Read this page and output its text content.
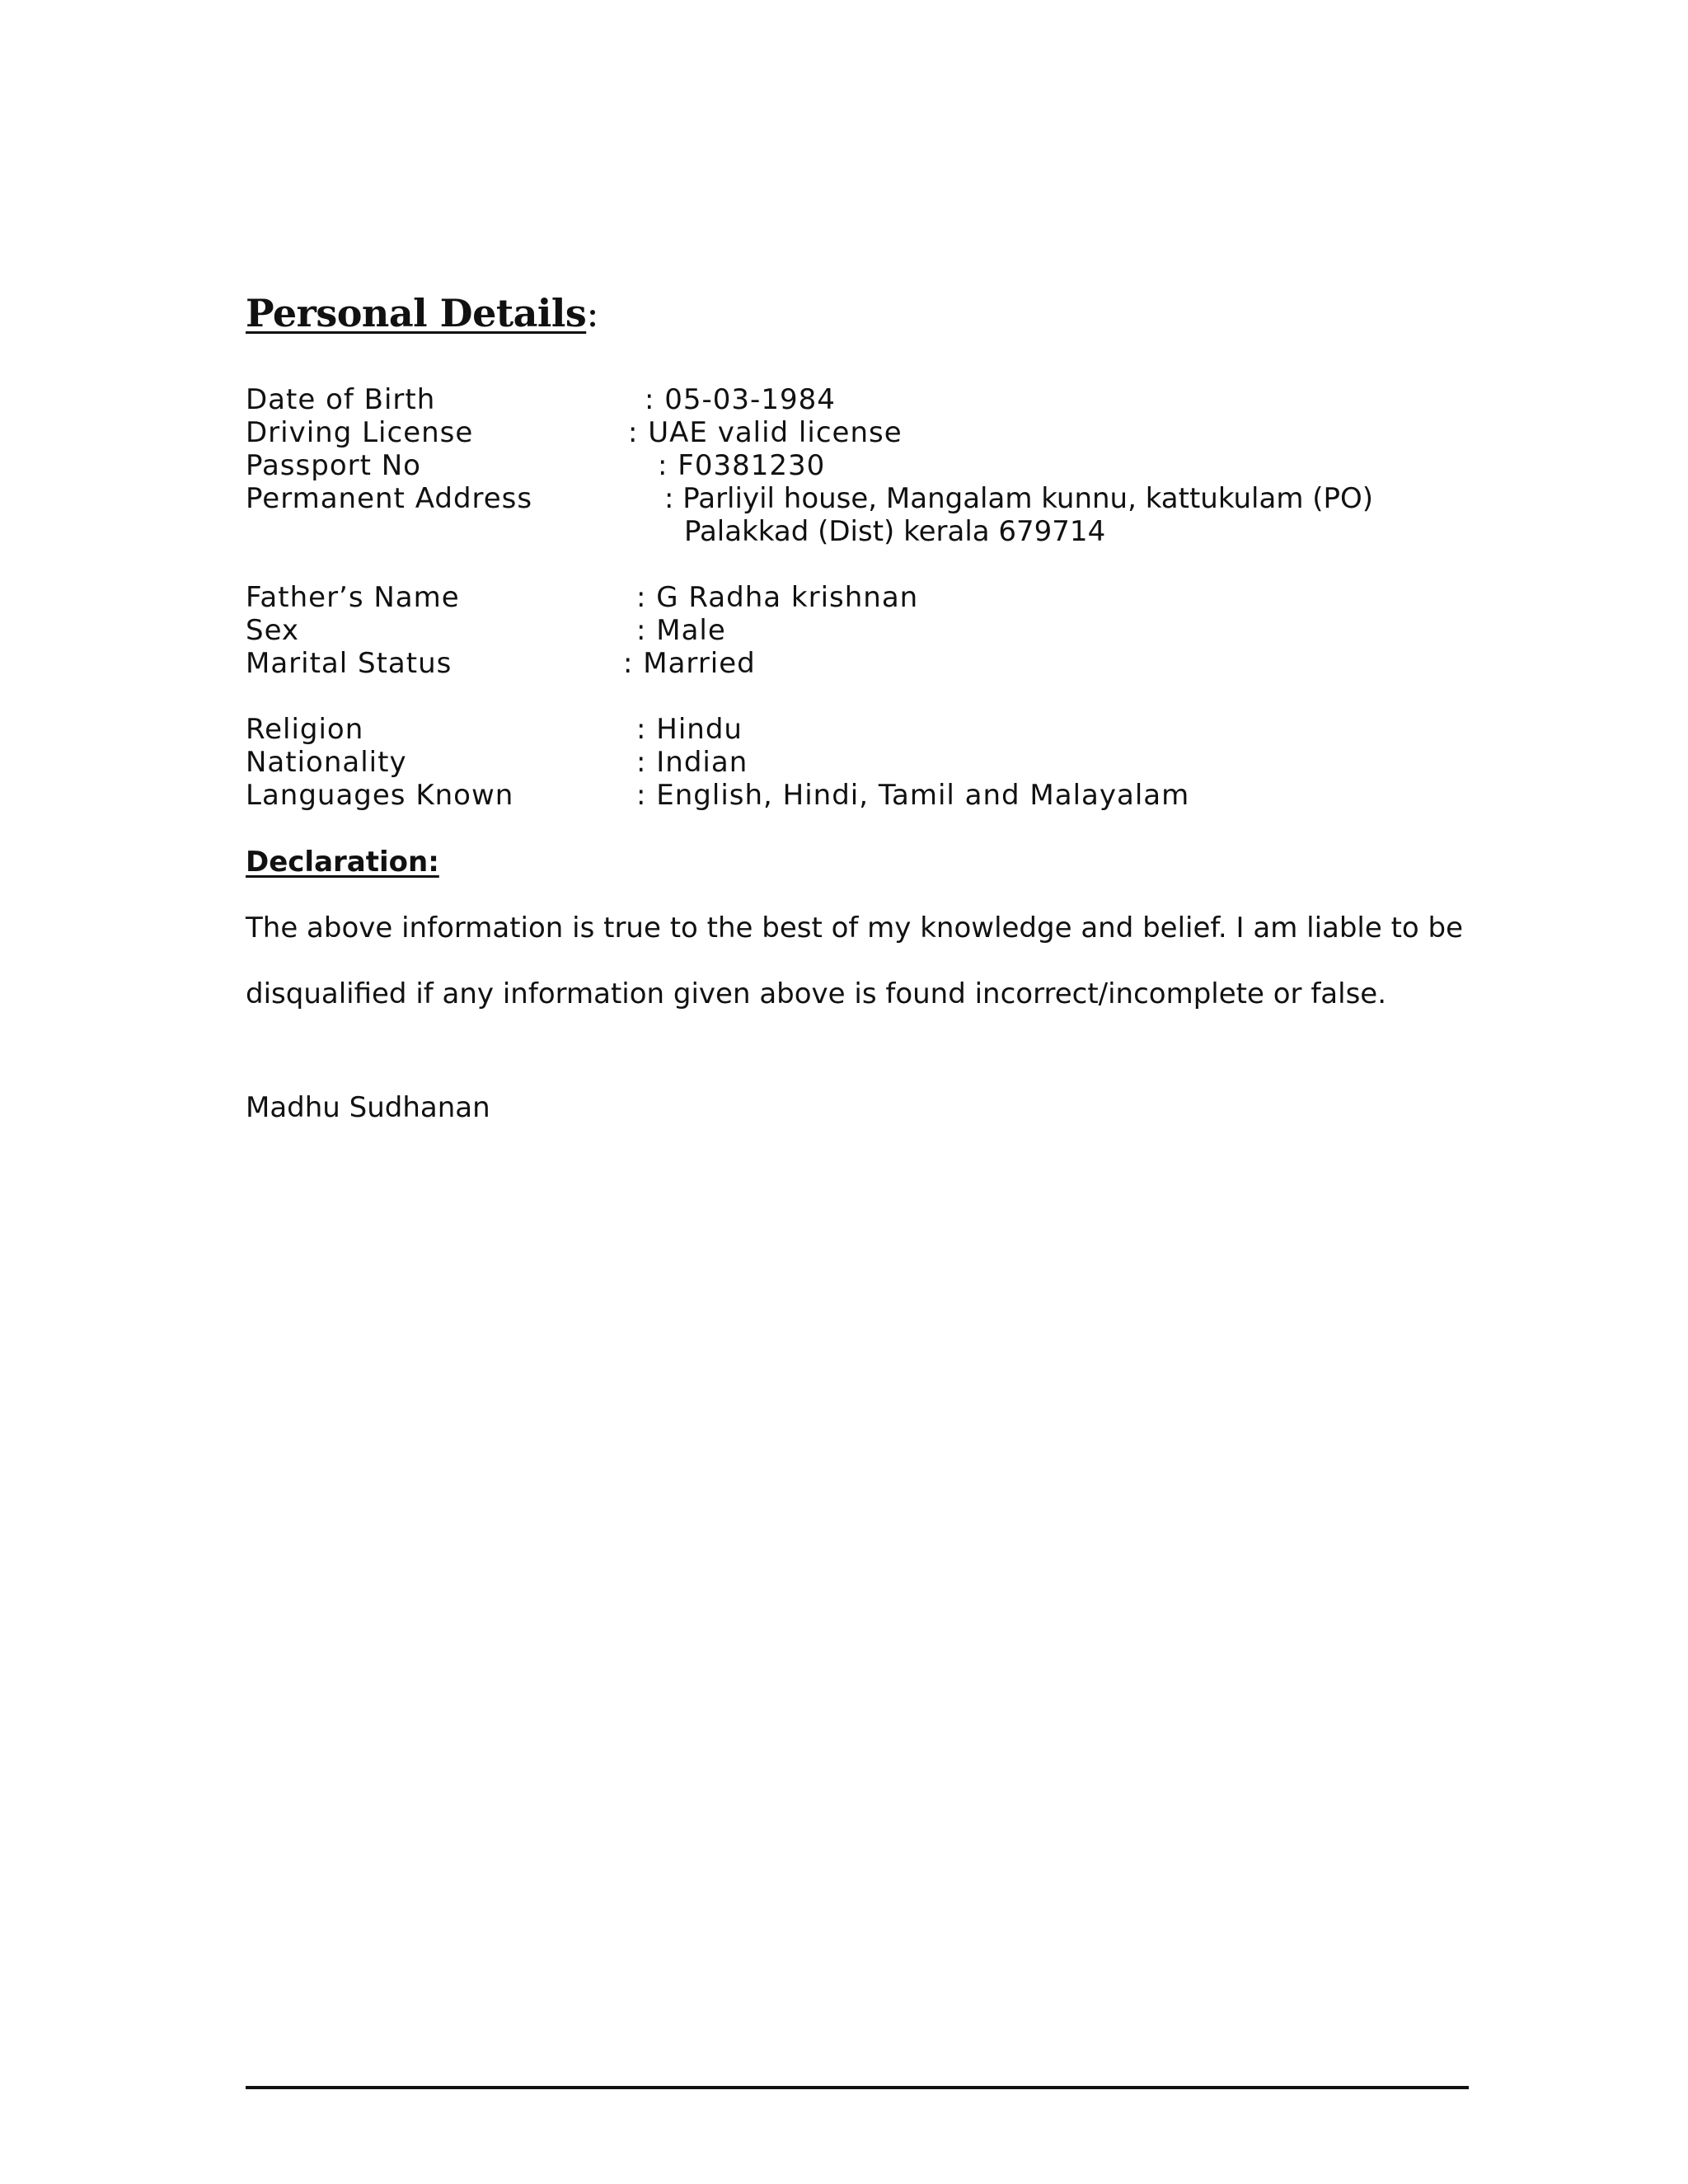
Personal Details:
Date of Birth	: 05-03-1984
Driving License	: UAE valid license
Passport No	: F0381230
Permanent Address	: Parliyil house, Mangalam kunnu, kattukulam (PO)
Palakkad (Dist) kerala 679714
Father’s Name	: G Radha krishnan
Sex	: Male
Marital Status	: Married
Religion	: Hindu
Nationality	: Indian
Languages Known	: English, Hindi, Tamil and Malayalam
Declaration:
The above information is true to the best of my knowledge and belief. I am liable to be
disqualified if any information given above is found incorrect/incomplete or false.
Madhu Sudhanan
